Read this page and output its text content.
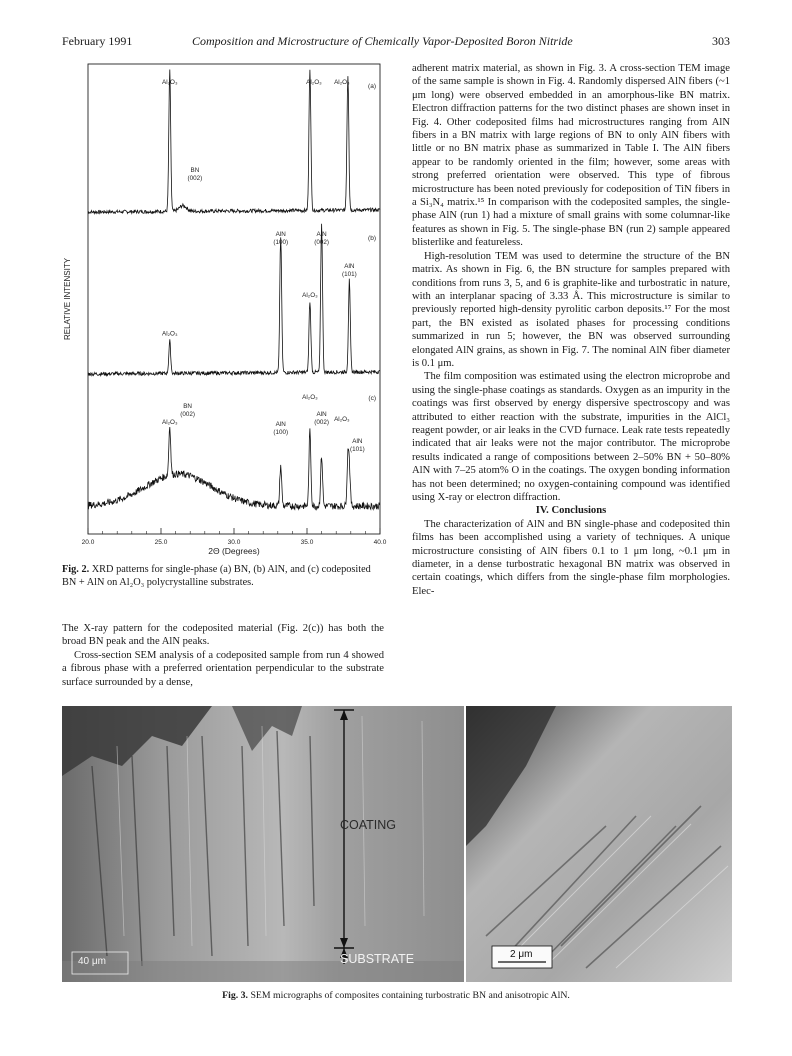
February 1991	Composition and Microstructure of Chemically Vapor-Deposited Boron Nitride	303
RELATIVE INTENSITY
2Θ (Degrees)
20.0	25.0	30.0	35.0	40.0
(a)
Al₂O₃
BN
(002)
Al₂O₃ Al₂O₃
(b)
Al₂O₃
AlN
(100)
Al₂O₃
AlN
(002)
AlN
(101)
(c)
Al₂O₃
BN
(002)
AlN
(100)
Al₂O₃
AlN
(002) Al₂O₃
AlN
(101)
Fig. 2. XRD patterns for single-phase (a) BN, (b) AlN, and (c) codeposited BN + AlN on Al₂O₃ polycrystalline substrates.

The X-ray pattern for the codeposited material (Fig. 2(c)) has both the broad BN peak and the AlN peaks.

Cross-section SEM analysis of a codeposited sample from run 4 showed a fibrous phase with a preferred orientation perpendicular to the substrate surface surrounded by a dense,

adherent matrix material, as shown in Fig. 3. A cross-section TEM image of the same sample is shown in Fig. 4. Randomly dispersed AlN fibers (~1 μm long) were observed embedded in an amorphous-like BN matrix. Electron diffraction patterns for the two distinct phases are shown inset in Fig. 4. Other codeposited films had microstructures ranging from AlN fibers in a BN matrix with large regions of BN to only AlN fibers with little or no BN matrix phase as summarized in Table I. The AlN fibers appear to be randomly oriented in the film; however, some areas with strong preferred orientation were observed. This type of fibrous microstructure has been noted previously for codeposition of TiN fibers in a Si₃N₄ matrix.¹⁵ In comparison with the codeposited samples, the single-phase AlN (run 1) had a mixture of small grains with some columnar-like features as shown in Fig. 5. The single-phase BN (run 2) sample appeared blisterlike and featureless.

High-resolution TEM was used to determine the structure of the BN matrix. As shown in Fig. 6, the BN structure for samples prepared with conditions from runs 3, 5, and 6 is graphite-like and turbostratic in nature, with an interplanar spacing of 3.33 Å. This microstructure is similar to previously reported high-density pyrolitic carbon deposits.¹⁷ For the most part, the BN existed as isolated phases for processing conditions summarized in run 5; however, the BN was observed surrounding elongated AlN grains, as shown in Fig. 7. The nominal AlN fiber diameter is 0.1 μm.

The film composition was estimated using the electron microprobe and using the single-phase coatings as standards. Oxygen as an impurity in the coatings was first observed by energy dispersive spectroscopy and was attributed to either reaction with the substrate, impurities in the AlCl₃ reagent powder, or air leaks in the CVD furnace. Leak rate tests repeatedly indicated that air leaks were not the major contributor. The microprobe results indicated a range of compositions between 2–50% BN + 50–80% AlN with 7–25 atom% O in the coatings. The oxygen bonding information has not been determined; no oxygen-containing compound was identified using X-ray or electron diffraction.

IV. Conclusions

The characterization of AlN and BN single-phase and codeposited thin films has been accomplished using a variety of techniques. A unique microstructure consisting of AlN fibers 0.1 to 1 μm long, ~0.1 μm in diameter, in a dense turbostratic hexagonal BN matrix was observed in certain coatings, which differs from the single-phase film morphologies. Elec-

COATING
SUBSTRATE
40 μm
2 μm
Fig. 3. SEM micrographs of composites containing turbostratic BN and anisotropic AlN.
